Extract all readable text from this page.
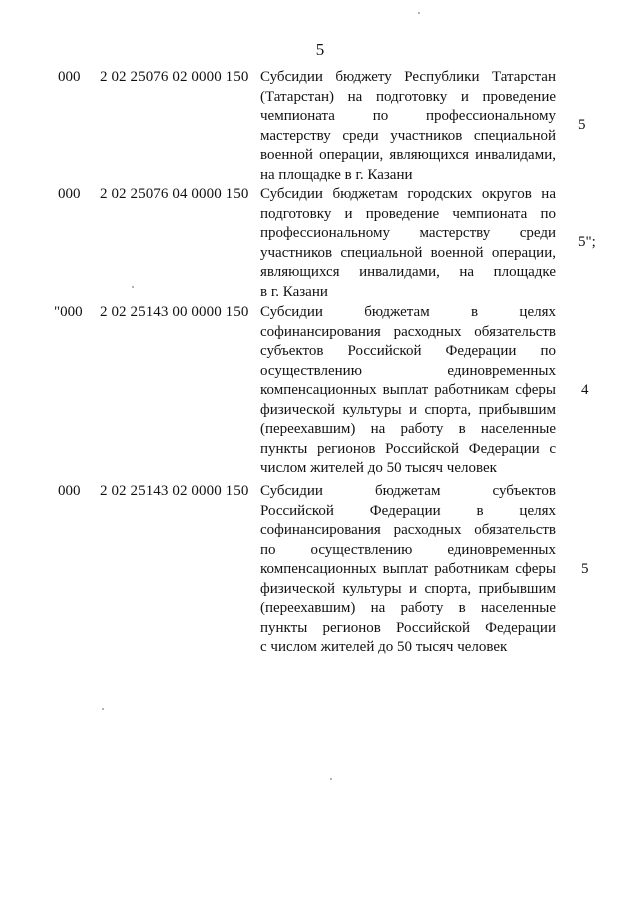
5
000 2 02 25076 02 0000 150 Субсидии бюджету Республики Татарстан
(Татарстан) на подготовку и проведение
чемпионата по профессиональному
мастерству среди участников специальной
военной операции, являющихся инвалидами,
на площадке в г. Казани
5
000 2 02 25076 04 0000 150 Субсидии бюджетам городских округов на
подготовку и проведение чемпионата по
профессиональному мастерству среди
участников специальной военной операции,
являющихся инвалидами, на площадке
в г. Казани
5";
"000 2 02 25143 00 0000 150 Субсидии бюджетам в целях
софинансирования расходных обязательств
субъектов Российской Федерации по
осуществлению единовременных
компенсационных выплат работникам сферы
физической культуры и спорта, прибывшим
(переехавшим) на работу в населенные
пункты регионов Российской Федерации с
числом жителей до 50 тысяч человек
4
000 2 02 25143 02 0000 150 Субсидии бюджетам субъектов
Российской Федерации в целях
софинансирования расходных обязательств
по осуществлению единовременных
компенсационных выплат работникам сферы
физической культуры и спорта, прибывшим
(переехавшим) на работу в населенные
пункты регионов Российской Федерации
с числом жителей до 50 тысяч человек
5
